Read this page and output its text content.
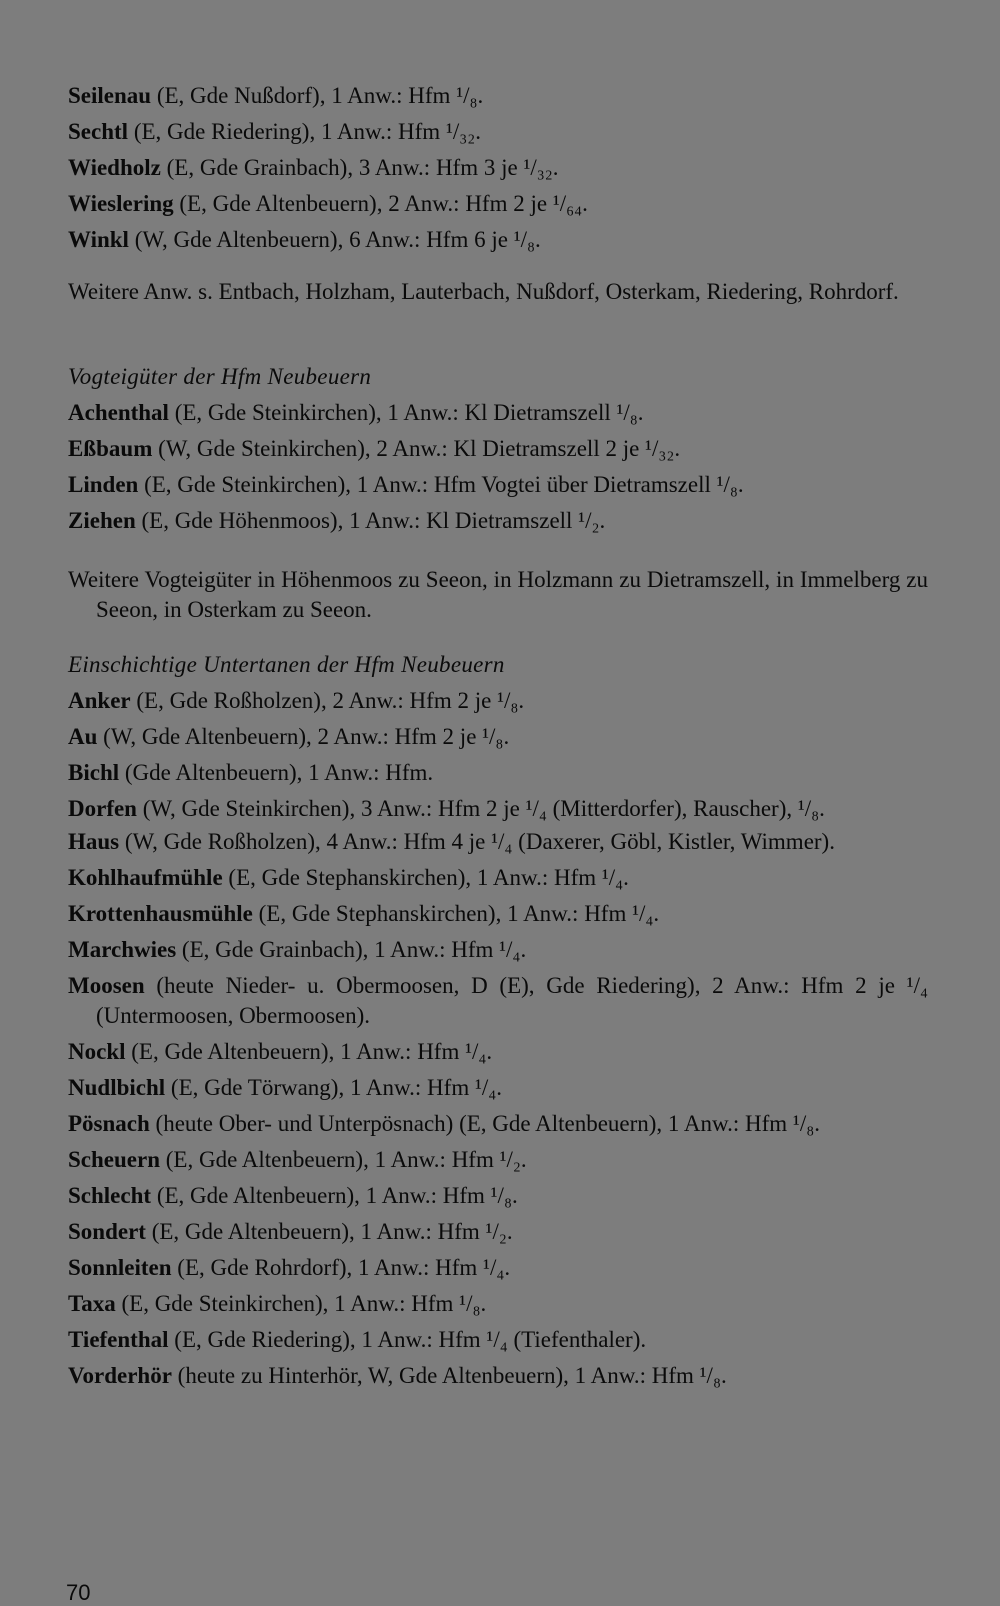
Seilenau (E, Gde Nußdorf), 1 Anw.: Hfm ¹/₈.

Sechtl (E, Gde Riedering), 1 Anw.: Hfm ¹/₃₂.

Wiedholz (E, Gde Grainbach), 3 Anw.: Hfm 3 je ¹/₃₂.

Wieslering (E, Gde Altenbeuern), 2 Anw.: Hfm 2 je ¹/₆₄.

Winkl (W, Gde Altenbeuern), 6 Anw.: Hfm 6 je ¹/₈.

Weitere Anw. s. Entbach, Holzham, Lauterbach, Nußdorf, Osterkam, Riedering, Rohrdorf.

Vogteigüter der Hfm Neubeuern

Achenthal (E, Gde Steinkirchen), 1 Anw.: Kl Dietramszell ¹/₈.

Eßbaum (W, Gde Steinkirchen), 2 Anw.: Kl Dietramszell 2 je ¹/₃₂.

Linden (E, Gde Steinkirchen), 1 Anw.: Hfm Vogtei über Dietramszell ¹/₈.

Ziehen (E, Gde Höhenmoos), 1 Anw.: Kl Dietramszell ¹/₂.

Weitere Vogteigüter in Höhenmoos zu Seeon, in Holzmann zu Dietramszell, in Immelberg zu Seeon, in Osterkam zu Seeon.

Einschichtige Untertanen der Hfm Neubeuern

Anker (E, Gde Roßholzen), 2 Anw.: Hfm 2 je ¹/₈.

Au (W, Gde Altenbeuern), 2 Anw.: Hfm 2 je ¹/₈.

Bichl (Gde Altenbeuern), 1 Anw.: Hfm.

Dorfen (W, Gde Steinkirchen), 3 Anw.: Hfm 2 je ¹/₄ (Mitterdorfer), Rauscher), ¹/₈.

Haus (W, Gde Roßholzen), 4 Anw.: Hfm 4 je ¹/₄ (Daxerer, Göbl, Kistler, Wimmer).

Kohlhaufmühle (E, Gde Stephanskirchen), 1 Anw.: Hfm ¹/₄.

Krottenhausmühle (E, Gde Stephanskirchen), 1 Anw.: Hfm ¹/₄.

Marchwies (E, Gde Grainbach), 1 Anw.: Hfm ¹/₄.

Moosen (heute Nieder- u. Obermoosen, D (E), Gde Riedering), 2 Anw.: Hfm 2 je ¹/₄ (Untermoosen, Obermoosen).

Nockl (E, Gde Altenbeuern), 1 Anw.: Hfm ¹/₄.

Nudlbichl (E, Gde Törwang), 1 Anw.: Hfm ¹/₄.

Pösnach (heute Ober- und Unterpösnach) (E, Gde Altenbeuern), 1 Anw.: Hfm ¹/₈.

Scheuern (E, Gde Altenbeuern), 1 Anw.: Hfm ¹/₂.

Schlecht (E, Gde Altenbeuern), 1 Anw.: Hfm ¹/₈.

Sondert (E, Gde Altenbeuern), 1 Anw.: Hfm ¹/₂.

Sonnleiten (E, Gde Rohrdorf), 1 Anw.: Hfm ¹/₄.

Taxa (E, Gde Steinkirchen), 1 Anw.: Hfm ¹/₈.

Tiefenthal (E, Gde Riedering), 1 Anw.: Hfm ¹/₄ (Tiefenthaler).

Vorderhör (heute zu Hinterhör, W, Gde Altenbeuern), 1 Anw.: Hfm ¹/₈.

70
